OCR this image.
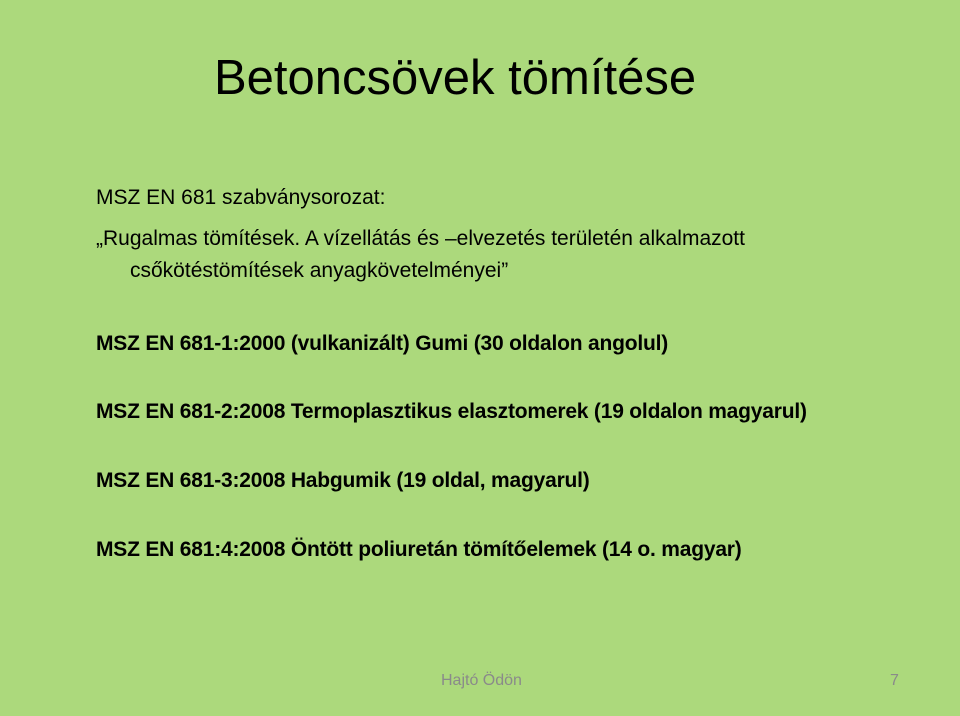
Betoncsövek tömítése
MSZ EN 681 szabványsorozat:
„Rugalmas tömítések. A vízellátás és –elvezetés területén alkalmazott
csőkötéstömítések anyagkövetelményei”
MSZ EN 681-1:2000 (vulkanizált) Gumi (30 oldalon angolul)
MSZ EN 681-2:2008 Termoplasztikus elasztomerek (19 oldalon magyarul)
MSZ EN 681-3:2008 Habgumik (19 oldal, magyarul)
MSZ EN 681:4:2008 Öntött poliuretán tömítőelemek (14 o. magyar)
Hajtó Ödön	7
